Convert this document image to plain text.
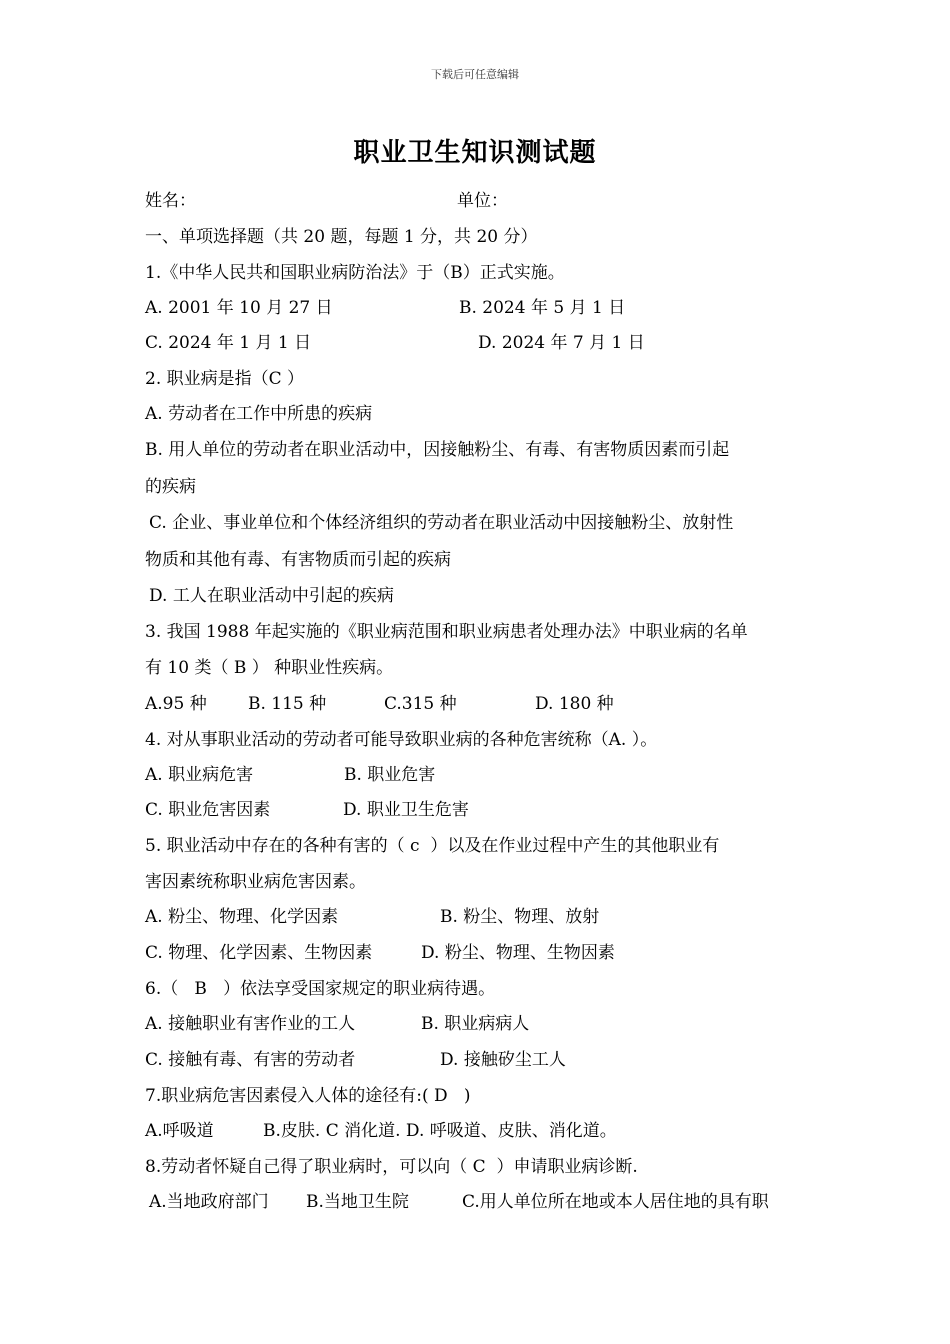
下载后可任意编辑
职业卫生知识测试题
姓名：	单位：
一、单项选择题（共 20 题，每题 1 分，共 20 分）
1.《中华人民共和国职业病防治法》于（B）正式实施。
A. 2001 年 10 月 27 日	B. 2024 年 5 月 1 日
C. 2024 年 1 月 1 日	D. 2024 年 7 月 1 日
2. 职业病是指（C ）
A. 劳动者在工作中所患的疾病
B. 用人单位的劳动者在职业活动中，因接触粉尘、有毒、有害物质因素而引起
的疾病
C. 企业、事业单位和个体经济组织的劳动者在职业活动中因接触粉尘、放射性
物质和其他有毒、有害物质而引起的疾病
D. 工人在职业活动中引起的疾病
3. 我国 1988 年起实施的《职业病范围和职业病患者处理办法》中职业病的名单
有 10 类（ B ） 种职业性疾病。
A.95 种 B. 115 种	C.315 种	D. 180 种
4. 对从事职业活动的劳动者可能导致职业病的各种危害统称（A. ）。
A. 职业病危害	B. 职业危害
C. 职业危害因素	D. 职业卫生危害
5. 职业活动中存在的各种有害的（ c  ）以及在作业过程中产生的其他职业有
害因素统称职业病危害因素。
A. 粉尘、物理、化学因素	B. 粉尘、物理、放射
C. 物理、化学因素、生物因素	D. 粉尘、物理、生物因素
6.（   B   ）依法享受国家规定的职业病待遇。
A. 接触职业有害作业的工人	B. 职业病病人
C. 接触有毒、有害的劳动者	D. 接触矽尘工人
7.职业病危害因素侵入人体的途径有:( D   )
A.呼吸道	B.皮肤. C 消化道. D. 呼吸道、皮肤、消化道。
8.劳动者怀疑自己得了职业病时，可以向（ C  ）申请职业病诊断.
A.当地政府部门 B.当地卫生院	C.用人单位所在地或本人居住地的具有职
